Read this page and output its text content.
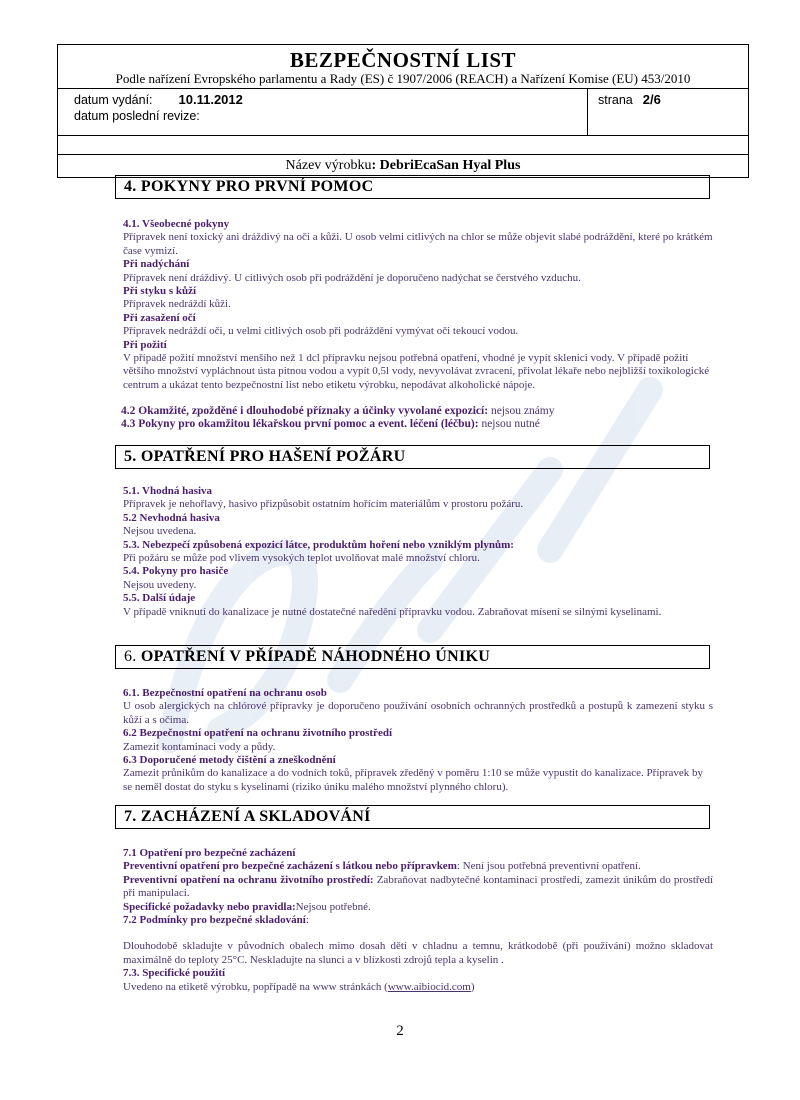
BEZPEČNOSTNÍ LIST
Podle nařízení Evropského parlamentu a Rady (ES) č 1907/2006 (REACH) a Nařízení Komise (EU) 453/2010
datum vydání: 10.11.2012
datum poslední revize:
strana 2/6
Název výrobku: DebriEcaSan Hyal Plus
4. POKYNY PRO PRVNÍ POMOC

4.1. Všeobecné pokyny

Přípravek není toxický ani dráždivý na oči a kůži. U osob velmi citlivých na chlor se může objevit slabé podráždění, které po krátkém čase vymizí.

Při nadýchání

Přípravek není dráždivý. U citlivých osob při podráždění je doporučeno nadýchat se čerstvého vzduchu.

Při styku s kůží

Přípravek nedráždí kůži.

Při zasažení očí

Přípravek nedráždí oči, u velmi citlivých osob při podráždění vymývat oči tekoucí vodou.

Při požití

V případě požití množství menšího než 1 dcl přípravku nejsou potřebná opatření, vhodné je vypít sklenici vody. V případě požití většího množství vypláchnout ústa pitnou vodou a vypít 0,5l vody, nevyvolávat zvracení, přivolat lékaře nebo nejbližší toxikologické centrum a ukázat tento bezpečnostní list nebo etiketu výrobku, nepodávat alkoholické nápoje.

4.2 Okamžité, zpožděné i dlouhodobé příznaky a účinky vyvolané expozicí: nejsou známy

4.3 Pokyny pro okamžitou lékařskou první pomoc a event. léčení (léčbu): nejsou nutné

5. OPATŘENÍ PRO HAŠENÍ POŽÁRU

5.1. Vhodná hasiva

Přípravek je nehořlavý, hasivo přizpůsobit ostatním hořícím materiálům v prostoru požáru.

5.2 Nevhodná hasiva

Nejsou uvedena.

5.3. Nebezpečí způsobená expozicí látce, produktům hoření nebo vzniklým plynům:

Při požáru se může pod vlivem vysokých teplot uvolňovat malé množství chloru.

5.4. Pokyny pro hasiče

Nejsou uvedeny.

5.5. Další údaje

V případě vniknutí do kanalizace je nutné dostatečné naředění přípravku vodou. Zabraňovat mísení se silnými kyselinami.

6. OPATŘENÍ V PŘÍPADĚ NÁHODNÉHO ÚNIKU

6.1. Bezpečnostní opatření na ochranu osob

U osob alergických na chlórové přípravky je doporučeno používání osobních ochranných prostředků a postupů k zamezení styku s kůží a s očima.

6.2 Bezpečnostní opatření na ochranu životního prostředí

Zamezit kontaminaci vody a půdy.

6.3 Doporučené metody čištění a zneškodnění

Zamezit průnikům do kanalizace a do vodních toků, přípravek zředěný v poměru 1:10 se může vypustit do kanalizace. Přípravek by se neměl dostat do styku s kyselinami (riziko úniku malého množství plynného chloru).

7. ZACHÁZENÍ A SKLADOVÁNÍ

7.1 Opatření pro bezpečné zacházení

Preventivní opatření pro bezpečné zacházení s látkou nebo přípravkem: Není jsou potřebná preventivní opatření.

Preventivní opatření na ochranu životního prostředí: Zabraňovat nadbytečné kontaminaci prostředí, zamezit únikům do prostředí při manipulaci.

Specifické požadavky nebo pravidla:Nejsou potřebné.

7.2 Podmínky pro bezpečné skladování:

Dlouhodobě skladujte v původních obalech mimo dosah dětí v chladnu a temnu, krátkodobě (při používání) možno skladovat maximálně do teploty 25°C. Neskladujte na slunci a v blízkosti zdrojů tepla a kyselin .

7.3. Specifické použití

Uvedeno na etiketě výrobku, popřípadě na www stránkách (www.aibiocid.com)

2
